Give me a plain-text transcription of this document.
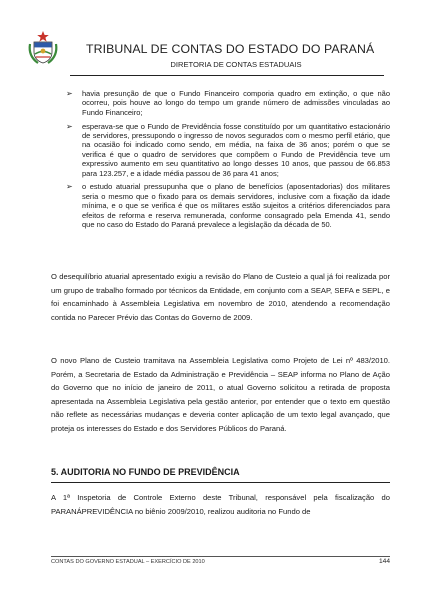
TRIBUNAL DE CONTAS DO ESTADO DO PARANÁ
DIRETORIA DE CONTAS ESTADUAIS
➢ havia presunção de que o Fundo Financeiro comporia quadro em extinção, o que não ocorreu, pois houve ao longo do tempo um grande número de admissões vinculadas ao Fundo Financeiro;
➢ esperava-se que o Fundo de Previdência fosse constituído por um quantitativo estacionário de servidores, pressupondo o ingresso de novos segurados com o mesmo perfil etário, que na ocasião foi indicado como sendo, em média, na faixa de 36 anos; porém o que se verifica é que o quadro de servidores que compõem o Fundo de Previdência teve um expressivo aumento em seu quantitativo ao longo desses 10 anos, que passou de 66.853 para 123.257, e a idade média passou de 36 para 41 anos;
➢ o estudo atuarial pressupunha que o plano de benefícios (aposentadorias) dos militares seria o mesmo que o fixado para os demais servidores, inclusive com a fixação da idade mínima, e o que se verifica é que os militares estão sujeitos a critérios diferenciados para efeitos de reforma e reserva remunerada, conforme consagrado pela Emenda 41, sendo que no caso do Estado do Paraná prevalece a legislação da década de 50.
O desequilíbrio atuarial apresentado exigiu a revisão do Plano de Custeio a qual já foi realizada por um grupo de trabalho formado por técnicos da Entidade, em conjunto com a SEAP, SEFA e SEPL, e foi encaminhado à Assembleia Legislativa em novembro de 2010, atendendo a recomendação contida no Parecer Prévio das Contas do Governo de 2009.
O novo Plano de Custeio tramitava na Assembleia Legislativa como Projeto de Lei nº 483/2010. Porém, a Secretaria de Estado da Administração e Previdência – SEAP informa no Plano de Ação do Governo que no início de janeiro de 2011, o atual Governo solicitou a retirada de proposta apresentada na Assembleia Legislativa pela gestão anterior, por entender que o texto em questão não reflete as necessárias mudanças e deveria conter aplicação de um texto legal avançado, que proteja os interesses do Estado e dos Servidores Públicos do Paraná.
5. AUDITORIA NO FUNDO DE PREVIDÊNCIA
A 1ª Inspetoria de Controle Externo deste Tribunal, responsável pela fiscalização do PARANÁPREVIDÊNCIA no biênio 2009/2010, realizou auditoria no Fundo de
CONTAS DO GOVERNO ESTADUAL – EXERCÍCIO DE 2010	144
